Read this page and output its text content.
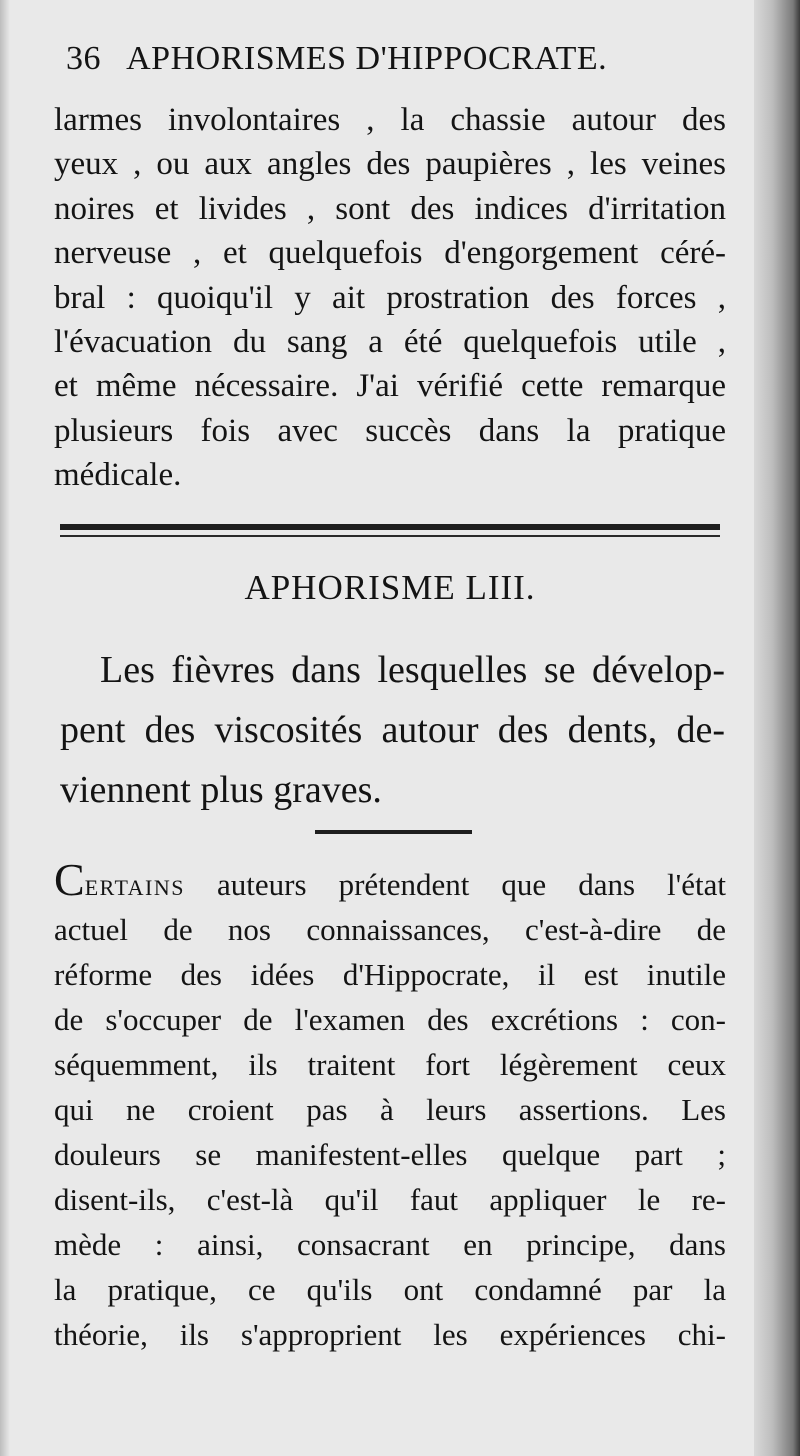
36 APHORISMES D'HIPPOCRATE.
larmes involontaires , la chassie autour des
yeux , ou aux angles des paupières , les veines
noires et livides , sont des indices d'irritation
nerveuse , et quelquefois d'engorgement céré-
bral : quoiqu'il y ait prostration des forces ,
l'évacuation du sang a été quelquefois utile ,
et même nécessaire. J'ai vérifié cette remarque
plusieurs fois avec succès dans la pratique
médicale.
APHORISME LIII.
Les fièvres dans lesquelles se dévelop-
pent des viscosités autour des dents, de-
viennent plus graves.
CERTAINS auteurs prétendent que dans l'état
actuel de nos connaissances, c'est-à-dire de
réforme des idées d'Hippocrate, il est inutile
de s'occuper de l'examen des excrétions : con-
séquemment, ils traitent fort légèrement ceux
qui ne croient pas à leurs assertions. Les
douleurs se manifestent-elles quelque part ;
disent-ils, c'est-là qu'il faut appliquer le re-
mède : ainsi, consacrant en principe, dans
la pratique, ce qu'ils ont condamné par la
théorie, ils s'approprient les expériences chi-
